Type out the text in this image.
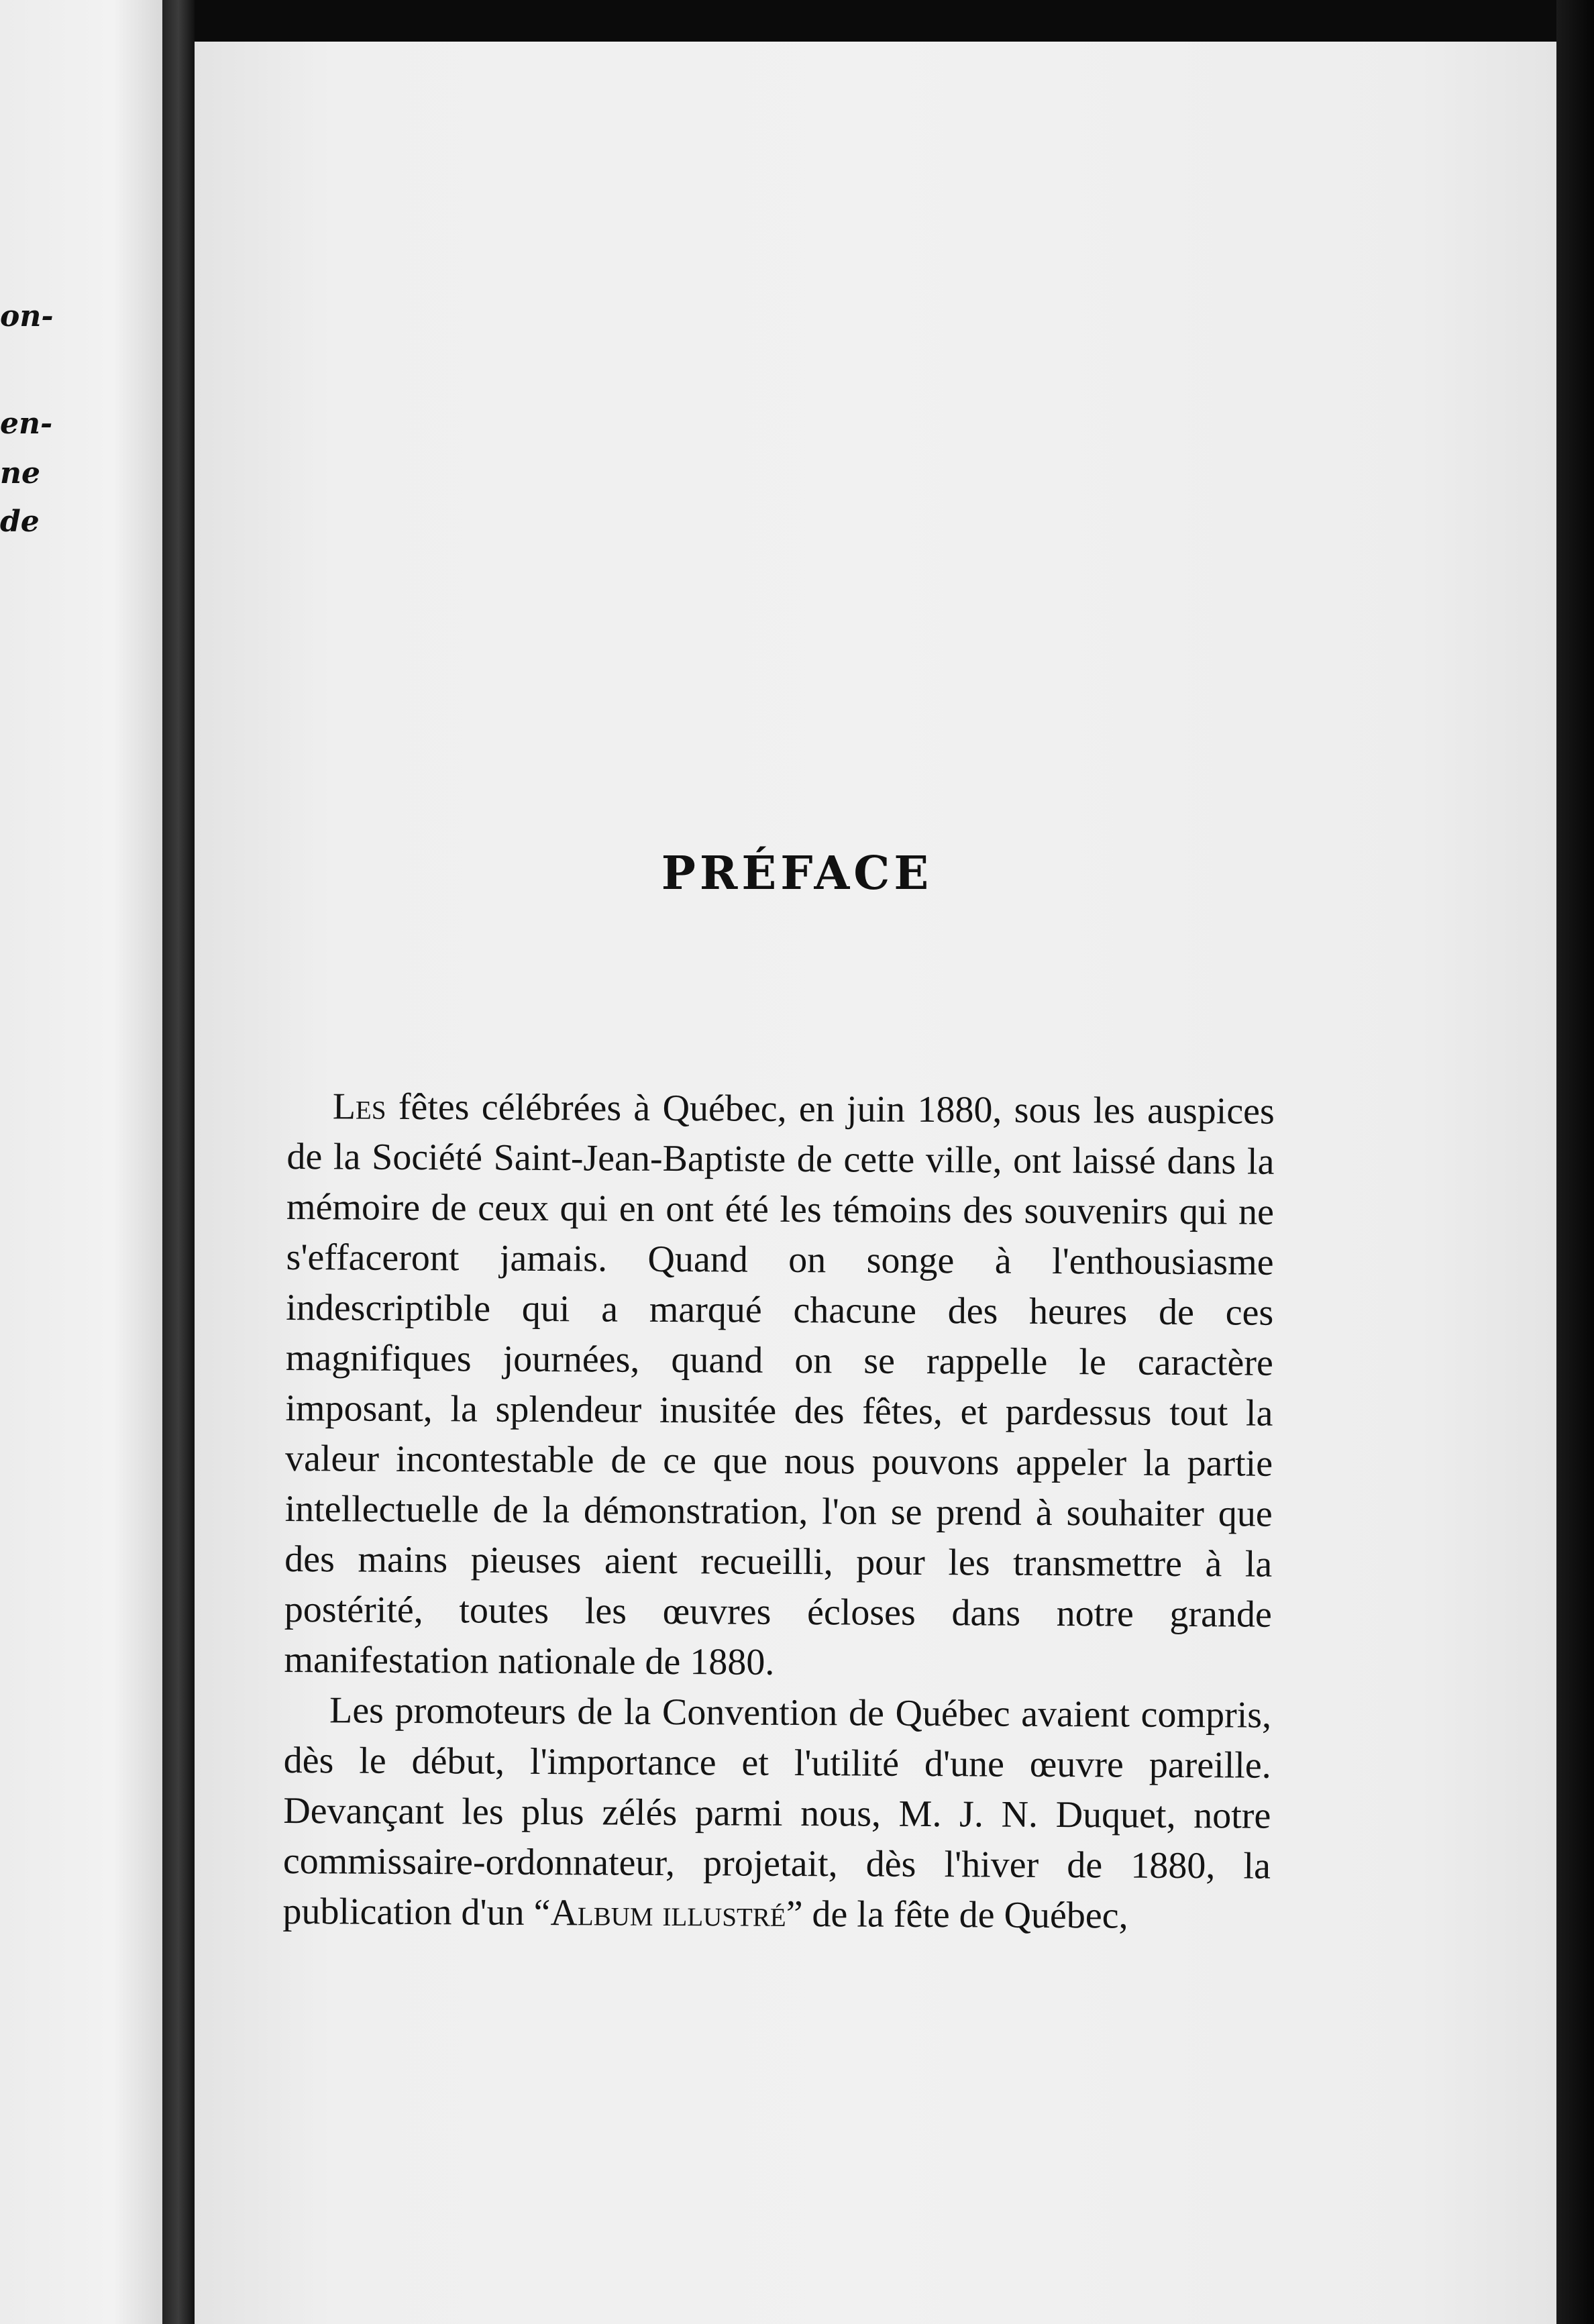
on-
en-
ne
de
PRÉFACE

Les fêtes célébrées à Québec, en juin 1880, sous les auspices de la Société Saint-Jean-Baptiste de cette ville, ont laissé dans la mémoire de ceux qui en ont été les témoins des souvenirs qui ne s'effaceront jamais. Quand on songe à l'enthousiasme indescriptible qui a marqué chacune des heures de ces magnifiques journées, quand on se rappelle le caractère imposant, la splendeur inusitée des fêtes, et pardessus tout la valeur incontestable de ce que nous pouvons appeler la partie intellectuelle de la démonstration, l'on se prend à souhaiter que des mains pieuses aient recueilli, pour les transmettre à la postérité, toutes les œuvres écloses dans notre grande manifestation nationale de 1880.

Les promoteurs de la Convention de Québec avaient compris, dès le début, l'importance et l'utilité d'une œuvre pareille. Devançant les plus zélés parmi nous, M. J. N. Duquet, notre commissaire-ordonnateur, projetait, dès l'hiver de 1880, la publication d'un “Album illustré” de la fête de Québec,
